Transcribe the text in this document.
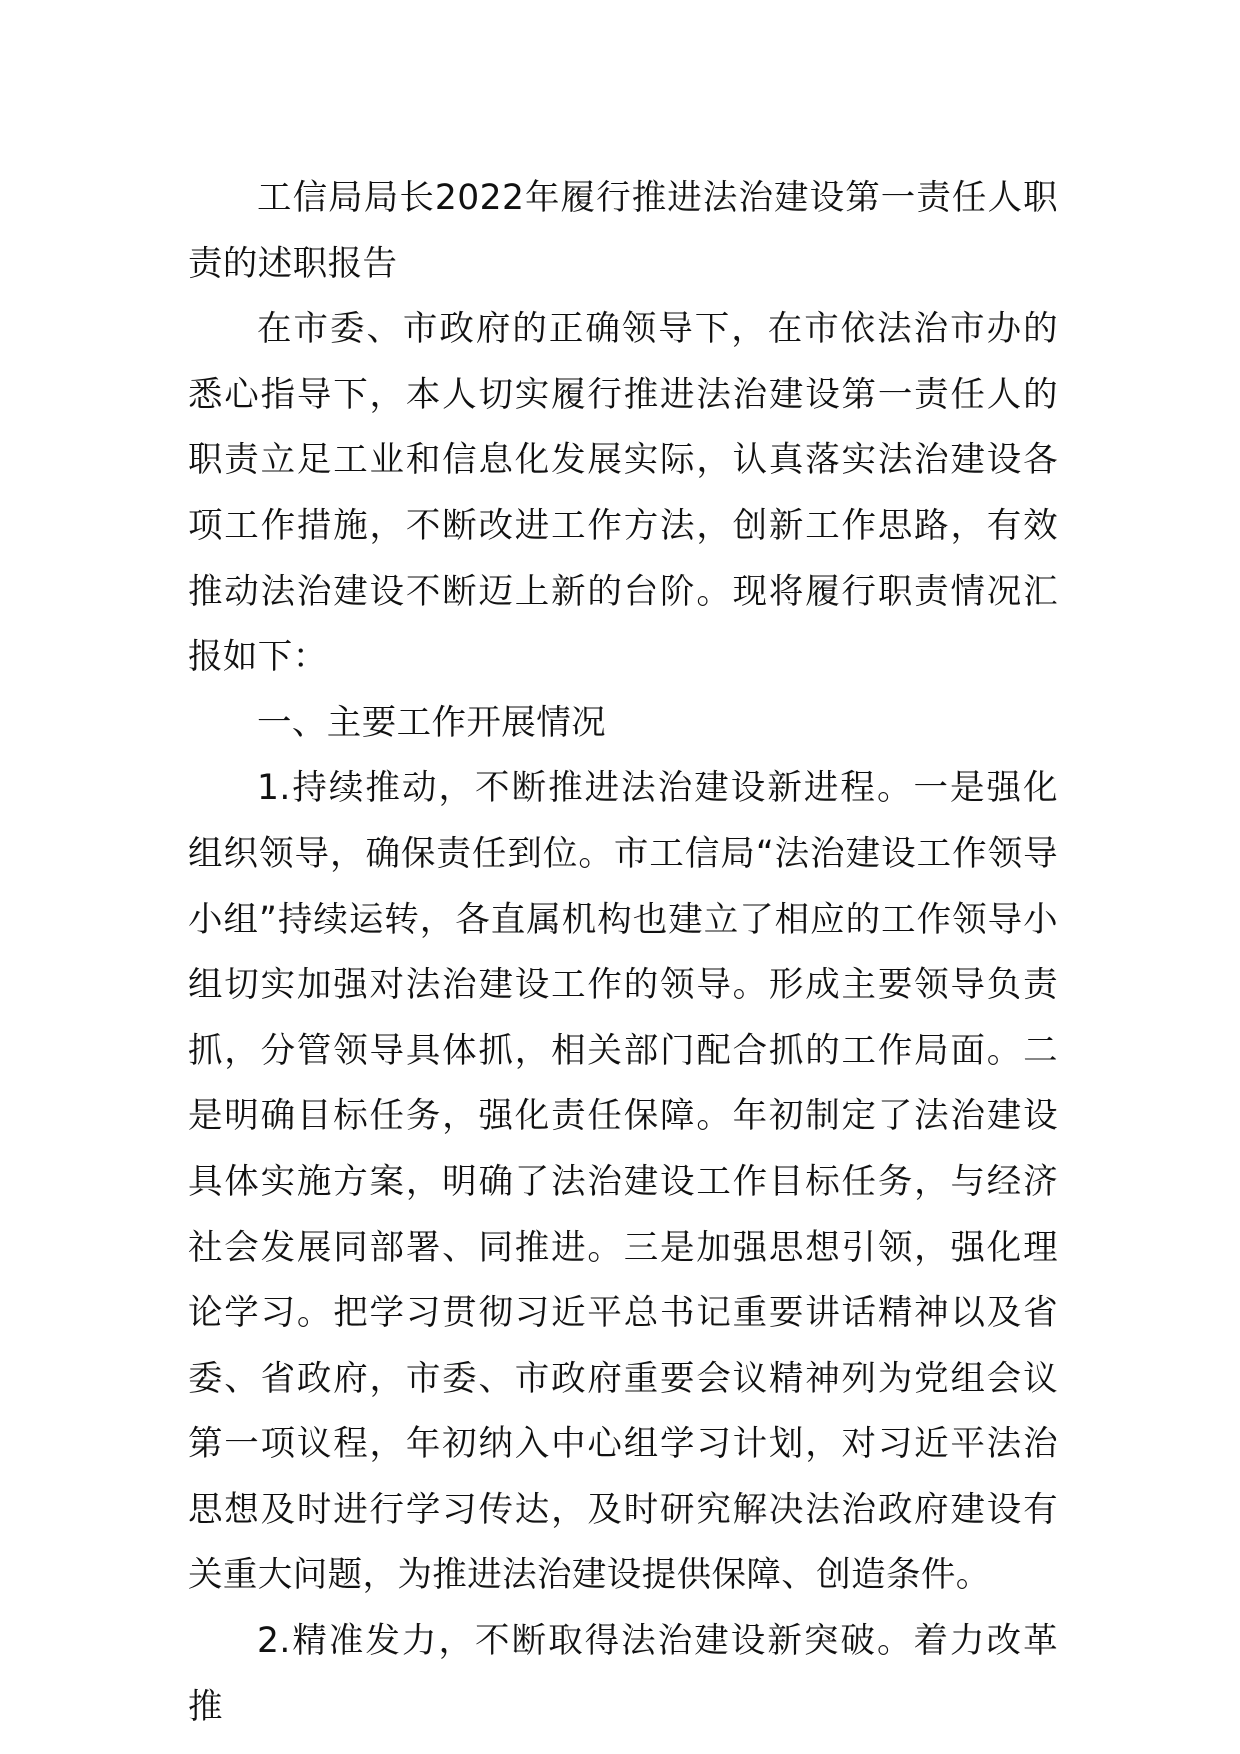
工信局局长2022年履行推进法治建设第一责任人职责的述职报告

在市委、市政府的正确领导下，在市依法治市办的悉心指导下，本人切实履行推进法治建设第一责任人的职责立足工业和信息化发展实际，认真落实法治建设各项工作措施，不断改进工作方法，创新工作思路，有效推动法治建设不断迈上新的台阶。现将履行职责情况汇报如下：

一、主要工作开展情况

1.持续推动，不断推进法治建设新进程。一是强化组织领导，确保责任到位。市工信局“法治建设工作领导小组”持续运转，各直属机构也建立了相应的工作领导小组切实加强对法治建设工作的领导。形成主要领导负责抓，分管领导具体抓，相关部门配合抓的工作局面。二是明确目标任务，强化责任保障。年初制定了法治建设具体实施方案，明确了法治建设工作目标任务，与经济社会发展同部署、同推进。三是加强思想引领，强化理论学习。把学习贯彻习近平总书记重要讲话精神以及省委、省政府，市委、市政府重要会议精神列为党组会议第一项议程，年初纳入中心组学习计划，对习近平法治思想及时进行学习传达，及时研究解决法治政府建设有关重大问题，为推进法治建设提供保障、创造条件。

2.精准发力，不断取得法治建设新突破。着力改革推
